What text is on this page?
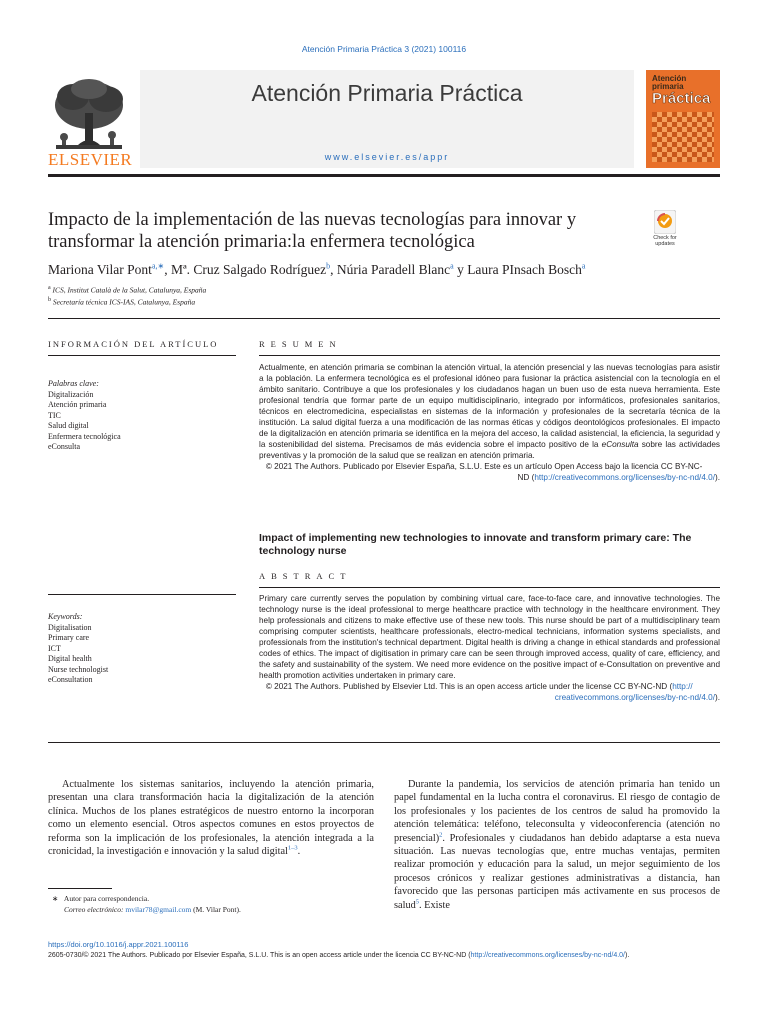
Atención Primaria Práctica 3 (2021) 100116
ELSEVIER
Atención Primaria Práctica
www.elsevier.es/appr
Atención
primaria
Práctica
Impacto de la implementación de las nuevas tecnologías para innovar y transformar la atención primaria:la enfermera tecnológica	Check for
updates
Mariona Vilar Pont$^{a,∗}$, Mª. Cruz Salgado Rodríguez$^b$, Núria Paradell Blanc$^a$ y Laura PInsach Bosch$^a$
$^a$ ICS, Institut Català de la Salut, Catalunya, España
$^b$ Secretaría técnica ICS-IAS, Catalunya, España
INFORMACIÓN DEL ARTÍCULO
Palabras clave:
Digitalización
Atención primaria
TIC
Salud digital
Enfermera tecnológica
eConsulta
Keywords:
Digitalisation
Primary care
ICT
Digital health
Nurse technologist
eConsultation
RESUMEN
Actualmente, en atención primaria se combinan la atención virtual, la atención presencial y las nuevas tecnologías para asistir a la población. La enfermera tecnológica es el profesional idóneo para fusionar la práctica asistencial con la tecnología en el ámbito sanitario. Contribuye a que los profesionales y los ciudadanos hagan un buen uso de esta nueva herramienta. Este profesional tendría que formar parte de un equipo multidisciplinario, integrado por informáticos, profesionales sanitarios, técnicos en electromedicina, especialistas en sistemas de la información y profesionales de la secretaría técnica de la institución. La salud digital fuerza a una modificación de las normas éticas y códigos deontológicos profesionales. El impacto de la digitalización en atención primaria se identifica en la mejora del acceso, la calidad asistencial, la eficiencia, la seguridad y la sostenibilidad del sistema. Precisamos de más evidencia sobre el impacto positivo de la eConsulta sobre las actividades preventivas y la promoción de la salud que se realizan en atención primaria.
© 2021 The Authors. Publicado por Elsevier España, S.L.U. Este es un artículo Open Access bajo la licencia CC BY-NC-
ND (http://creativecommons.org/licenses/by-nc-nd/4.0/).
Impact of implementing new technologies to innovate and transform primary care: The technology nurse
ABSTRACT
Primary care currently serves the population by combining virtual care, face-to-face care, and innovative technologies. The technology nurse is the ideal professional to merge healthcare practice with technology in the healthcare environment. They help professionals and citizens to make effective use of these new tools. This nurse should be part of a multidisciplinary team comprising computer scientists, healthcare professionals, electro-medical technicians, information systems specialists, and professionals from the institution's technical department. Digital health is driving a change in ethical standards and professional codes of ethics. The impact of digitisation in primary care can be seen through improved access, quality of care, efficiency, and the safety and sustainability of the system. We need more evidence on the positive impact of e-Consultation on preventive and health promotion activities undertaken in primary care.
© 2021 The Authors. Published by Elsevier Ltd. This is an open access article under the license CC BY-NC-ND (http://
creativecommons.org/licenses/by-nc-nd/4.0/).

Actualmente los sistemas sanitarios, incluyendo la atención primaria, presentan una clara transformación hacia la digitalización de la atención clínica. Muchos de los planes estratégicos de nuestro entorno la incorporan como un elemento esencial. Otros aspectos comunes en estos proyectos de reforma son la implicación de los profesionales, la atención integrada a la cronicidad, la investigación e innovación y la salud digital$^{1-3}$.

Durante la pandemia, los servicios de atención primaria han tenido un papel fundamental en la lucha contra el coronavirus. El riesgo de contagio de los profesionales y los pacientes de los centros de salud ha promovido la atención telemática: teléfono, teleconsulta y videoconferencia (atención no presencial)$^2$. Profesionales y ciudadanos han debido adaptarse a esta nueva situación. Las nuevas tecnologías que, entre muchas ventajas, permiten realizar promoción y educación para la salud, un mejor seguimiento de los procesos crónicos y realizar gestiones administrativas a distancia, han favorecido que las personas participen más activamente en sus procesos de salud$^5$. Existe

∗ Autor para correspondencia.
Correo electrónico: mvilar78@gmail.com (M. Vilar Pont).
https://doi.org/10.1016/j.appr.2021.100116
2605-0730/© 2021 The Authors. Publicado por Elsevier España, S.L.U. This is an open access article under the licencia CC BY-NC-ND (http://creativecommons.org/licenses/by-nc-nd/4.0/).
